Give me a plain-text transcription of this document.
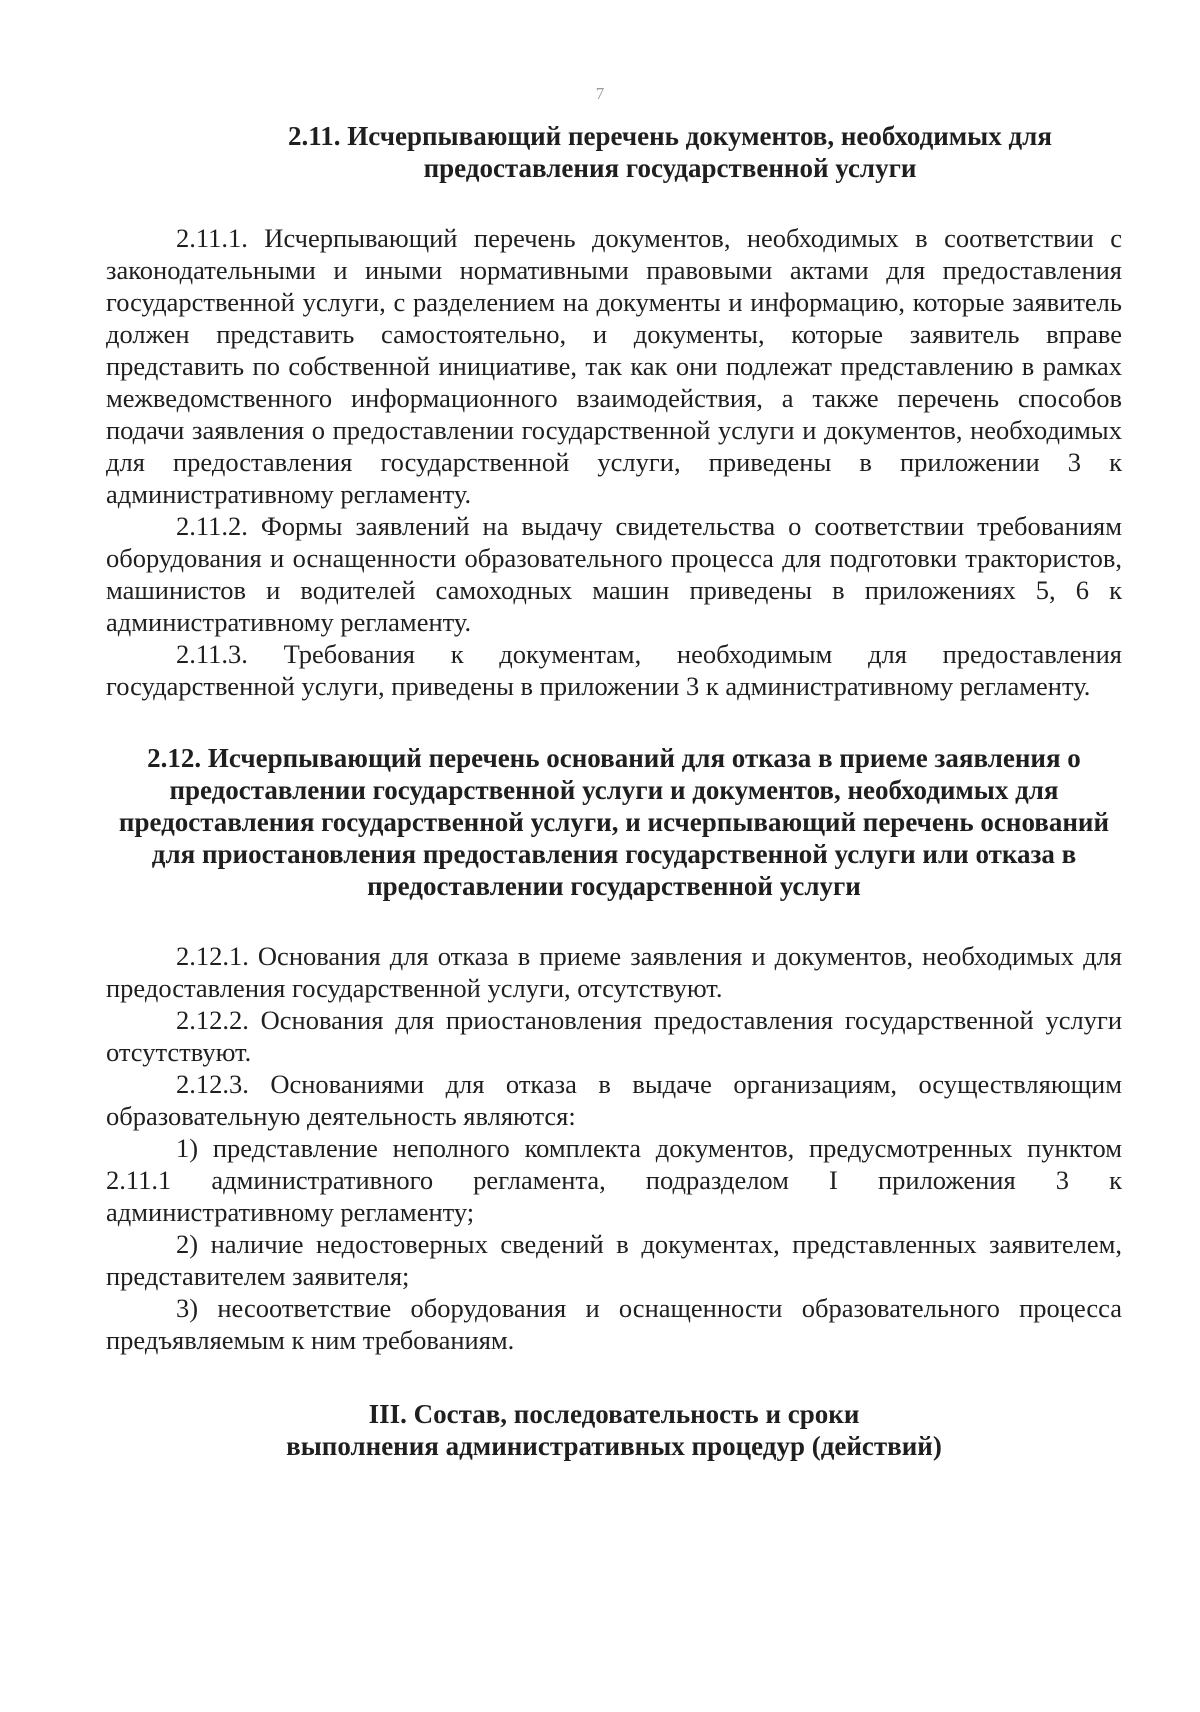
7

2.11. Исчерпывающий перечень документов, необходимых для предоставления государственной услуги

2.11.1. Исчерпывающий перечень документов, необходимых в соответствии с законодательными и иными нормативными правовыми актами для предоставления государственной услуги, с разделением на документы и информацию, которые заявитель должен представить самостоятельно, и документы, которые заявитель вправе представить по собственной инициативе, так как они подлежат представлению в рамках межведомственного информационного взаимодействия, а также перечень способов подачи заявления о предоставлении государственной услуги и документов, необходимых для предоставления государственной услуги, приведены в приложении 3 к административному регламенту.

2.11.2. Формы заявлений на выдачу свидетельства о соответствии требованиям оборудования и оснащенности образовательного процесса для подготовки трактористов, машинистов и водителей самоходных машин приведены в приложениях 5, 6 к административному регламенту.

2.11.3. Требования к документам, необходимым для предоставления государственной услуги, приведены в приложении 3 к административному регламенту.

2.12. Исчерпывающий перечень оснований для отказа в приеме заявления о предоставлении государственной услуги и документов, необходимых для предоставления государственной услуги, и исчерпывающий перечень оснований для приостановления предоставления государственной услуги или отказа в предоставлении государственной услуги

2.12.1. Основания для отказа в приеме заявления и документов, необходимых для предоставления государственной услуги, отсутствуют.

2.12.2. Основания для приостановления предоставления государственной услуги отсутствуют.

2.12.3. Основаниями для отказа в выдаче организациям, осуществляющим образовательную деятельность являются:

1) представление неполного комплекта документов, предусмотренных пунктом 2.11.1 административного регламента, подразделом I приложения 3 к административному регламенту;

2) наличие недостоверных сведений в документах, представленных заявителем, представителем заявителя;

3) несоответствие оборудования и оснащенности образовательного процесса предъявляемым к ним требованиям.

III. Состав, последовательность и сроки

выполнения административных процедур (действий)
